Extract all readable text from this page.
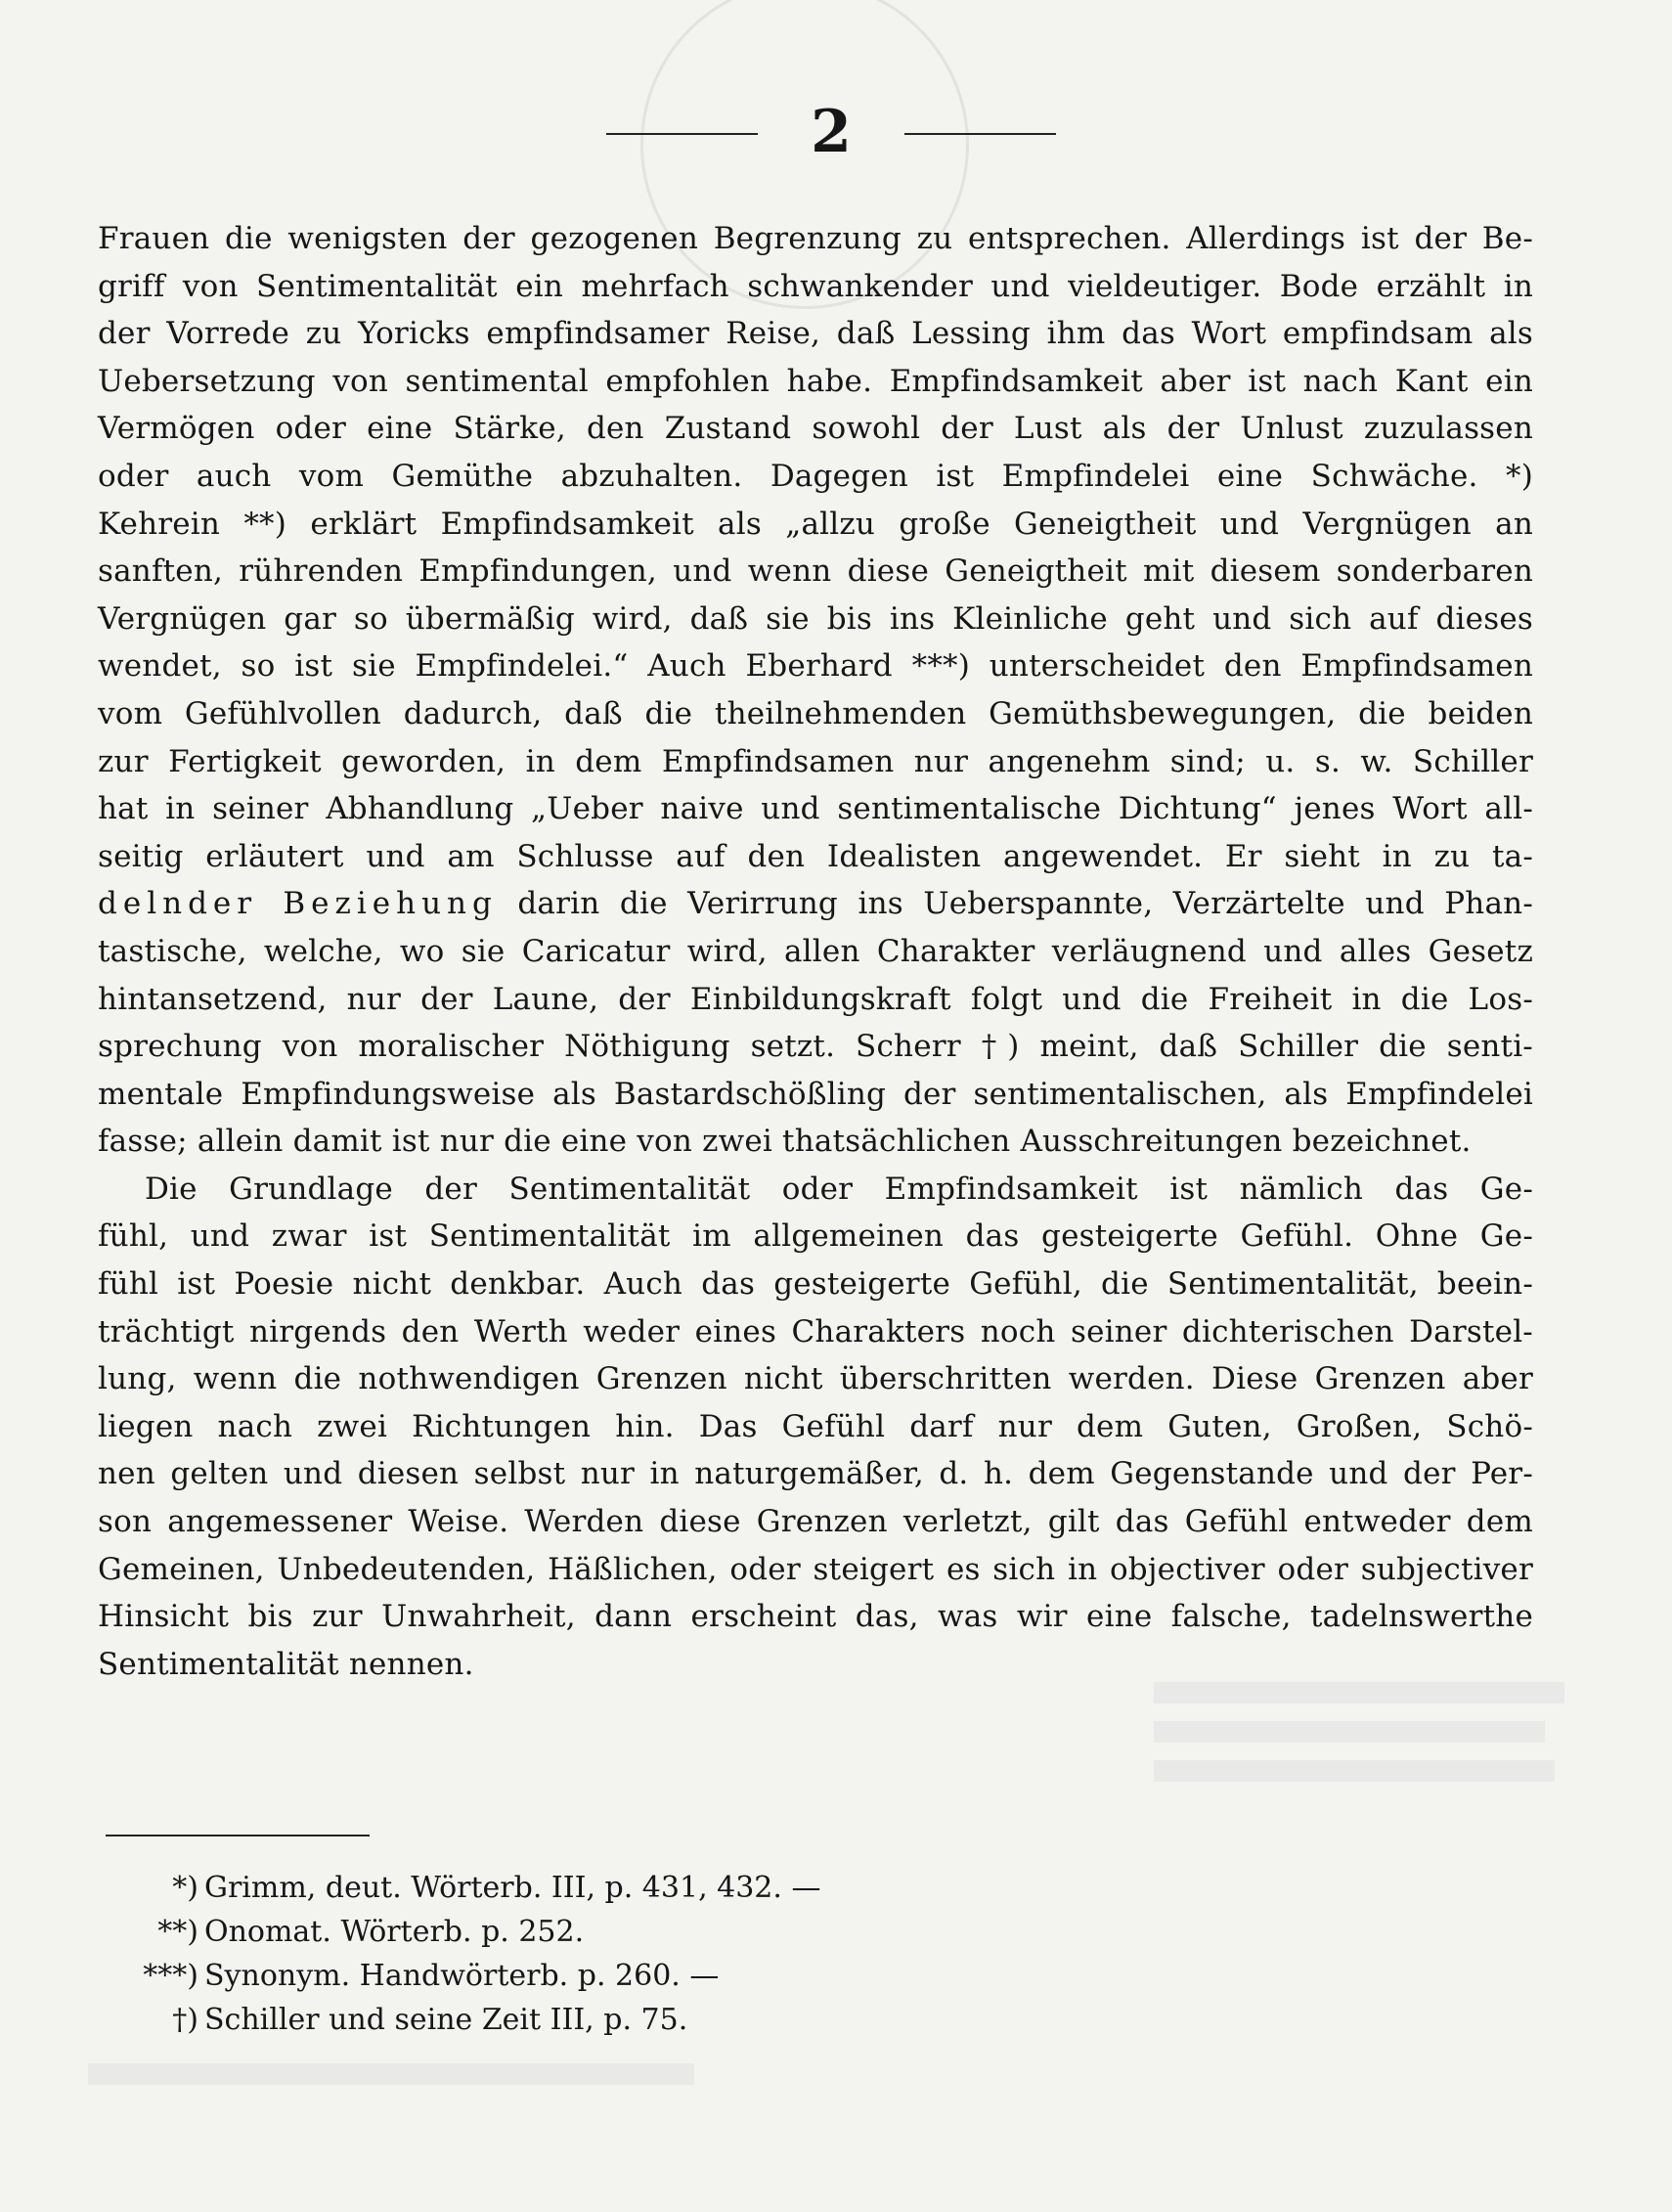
2
Frauen die wenigsten der gezogenen Begrenzung zu entsprechen. Allerdings ist der Be-
griff von Sentimentalität ein mehrfach schwankender und vieldeutiger. Bode erzählt in
der Vorrede zu Yoricks empfindsamer Reise, daß Lessing ihm das Wort empfindsam als
Uebersetzung von sentimental empfohlen habe. Empfindsamkeit aber ist nach Kant ein
Vermögen oder eine Stärke, den Zustand sowohl der Lust als der Unlust zuzulassen
oder auch vom Gemüthe abzuhalten. Dagegen ist Empfindelei eine Schwäche. *)
Kehrein **) erklärt Empfindsamkeit als „allzu große Geneigtheit und Vergnügen an
sanften, rührenden Empfindungen, und wenn diese Geneigtheit mit diesem sonderbaren
Vergnügen gar so übermäßig wird, daß sie bis ins Kleinliche geht und sich auf dieses
wendet, so ist sie Empfindelei.“ Auch Eberhard ***) unterscheidet den Empfindsamen
vom Gefühlvollen dadurch, daß die theilnehmenden Gemüthsbewegungen, die beiden
zur Fertigkeit geworden, in dem Empfindsamen nur angenehm sind; u. s. w. Schiller
hat in seiner Abhandlung „Ueber naive und sentimentalische Dichtung“ jenes Wort all-
seitig erläutert und am Schlusse auf den Idealisten angewendet. Er sieht in zu ta-
delnder Beziehung darin die Verirrung ins Ueberspannte, Verzärtelte und Phan-
tastische, welche, wo sie Caricatur wird, allen Charakter verläugnend und alles Gesetz
hintansetzend, nur der Laune, der Einbildungskraft folgt und die Freiheit in die Los-
sprechung von moralischer Nöthigung setzt. Scherr †) meint, daß Schiller die senti-
mentale Empfindungsweise als Bastardschößling der sentimentalischen, als Empfindelei
fasse; allein damit ist nur die eine von zwei thatsächlichen Ausschreitungen bezeichnet.
Die Grundlage der Sentimentalität oder Empfindsamkeit ist nämlich das Ge-
fühl, und zwar ist Sentimentalität im allgemeinen das gesteigerte Gefühl. Ohne Ge-
fühl ist Poesie nicht denkbar. Auch das gesteigerte Gefühl, die Sentimentalität, beein-
trächtigt nirgends den Werth weder eines Charakters noch seiner dichterischen Darstel-
lung, wenn die nothwendigen Grenzen nicht überschritten werden. Diese Grenzen aber
liegen nach zwei Richtungen hin. Das Gefühl darf nur dem Guten, Großen, Schö-
nen gelten und diesen selbst nur in naturgemäßer, d. h. dem Gegenstande und der Per-
son angemessener Weise. Werden diese Grenzen verletzt, gilt das Gefühl entweder dem
Gemeinen, Unbedeutenden, Häßlichen, oder steigert es sich in objectiver oder subjectiver
Hinsicht bis zur Unwahrheit, dann erscheint das, was wir eine falsche, tadelnswerthe
Sentimentalität nennen.
*) Grimm, deut. Wörterb. III, p. 431, 432. —
**) Onomat. Wörterb. p. 252.
***) Synonym. Handwörterb. p. 260. —
†) Schiller und seine Zeit III, p. 75.
